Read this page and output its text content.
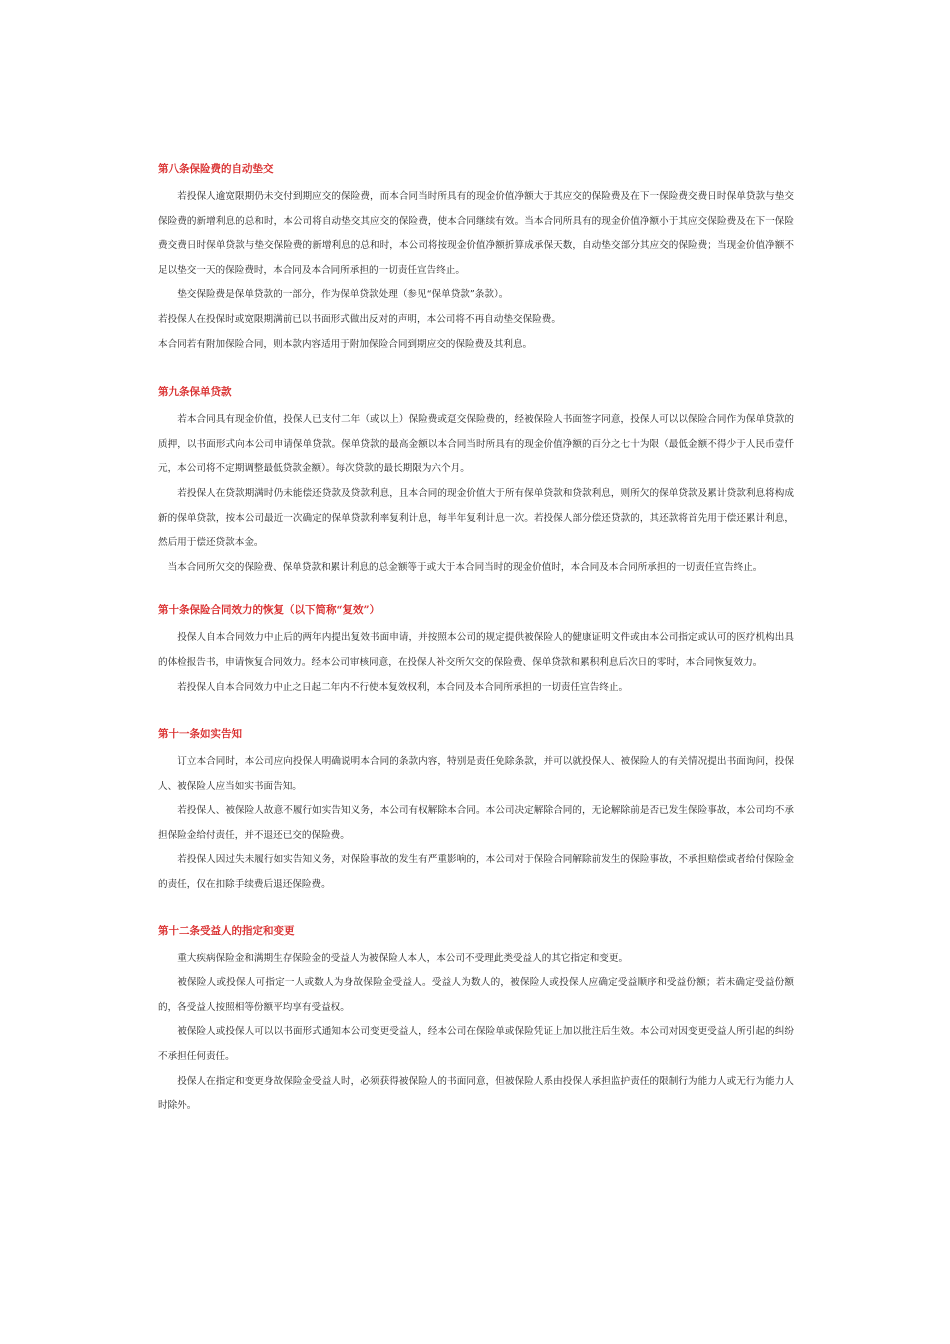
第八条保险费的自动垫交

若投保人逾宽限期仍未交付到期应交的保险费，而本合同当时所具有的现金价值净额大于其应交的保险费及在下一保险费交费日时保单贷款与垫交保险费的新增利息的总和时，本公司将自动垫交其应交的保险费，使本合同继续有效。当本合同所具有的现金价值净额小于其应交保险费及在下一保险费交费日时保单贷款与垫交保险费的新增利息的总和时，本公司将按现金价值净额折算成承保天数，自动垫交部分其应交的保险费；当现金价值净额不足以垫交一天的保险费时，本合同及本合同所承担的一切责任宣告终止。

垫交保险费是保单贷款的一部分，作为保单贷款处理（参见“保单贷款”条款）。

若投保人在投保时或宽限期满前已以书面形式做出反对的声明，本公司将不再自动垫交保险费。

本合同若有附加保险合同，则本款内容适用于附加保险合同到期应交的保险费及其利息。

第九条保单贷款

若本合同具有现金价值，投保人已支付二年（或以上）保险费或趸交保险费的，经被保险人书面签字同意，投保人可以以保险合同作为保单贷款的质押，以书面形式向本公司申请保单贷款。保单贷款的最高金额以本合同当时所具有的现金价值净额的百分之七十为限（最低金额不得少于人民币壹仟元，本公司将不定期调整最低贷款金额）。每次贷款的最长期限为六个月。

若投保人在贷款期满时仍未能偿还贷款及贷款利息，且本合同的现金价值大于所有保单贷款和贷款利息，则所欠的保单贷款及累计贷款利息将构成新的保单贷款，按本公司最近一次确定的保单贷款利率复利计息，每半年复利计息一次。若投保人部分偿还贷款的，其还款将首先用于偿还累计利息，然后用于偿还贷款本金。

当本合同所欠交的保险费、保单贷款和累计利息的总金额等于或大于本合同当时的现金价值时，本合同及本合同所承担的一切责任宣告终止。

第十条保险合同效力的恢复（以下简称“复效”）

投保人自本合同效力中止后的两年内提出复效书面申请，并按照本公司的规定提供被保险人的健康证明文件或由本公司指定或认可的医疗机构出具的体检报告书，申请恢复合同效力。经本公司审核同意，在投保人补交所欠交的保险费、保单贷款和累积利息后次日的零时，本合同恢复效力。

若投保人自本合同效力中止之日起二年内不行使本复效权利，本合同及本合同所承担的一切责任宣告终止。

第十一条如实告知

订立本合同时，本公司应向投保人明确说明本合同的条款内容，特别是责任免除条款，并可以就投保人、被保险人的有关情况提出书面询问，投保人、被保险人应当如实书面告知。

若投保人、被保险人故意不履行如实告知义务，本公司有权解除本合同。本公司决定解除合同的，无论解除前是否已发生保险事故，本公司均不承担保险金给付责任，并不退还已交的保险费。

若投保人因过失未履行如实告知义务，对保险事故的发生有严重影响的，本公司对于保险合同解除前发生的保险事故，不承担赔偿或者给付保险金的责任，仅在扣除手续费后退还保险费。

第十二条受益人的指定和变更

重大疾病保险金和满期生存保险金的受益人为被保险人本人，本公司不受理此类受益人的其它指定和变更。

被保险人或投保人可指定一人或数人为身故保险金受益人。受益人为数人的，被保险人或投保人应确定受益顺序和受益份额；若未确定受益份额的，各受益人按照相等份额平均享有受益权。

被保险人或投保人可以以书面形式通知本公司变更受益人，经本公司在保险单或保险凭证上加以批注后生效。本公司对因变更受益人所引起的纠纷不承担任何责任。

投保人在指定和变更身故保险金受益人时，必须获得被保险人的书面同意，但被保险人系由投保人承担监护责任的限制行为能力人或无行为能力人时除外。
